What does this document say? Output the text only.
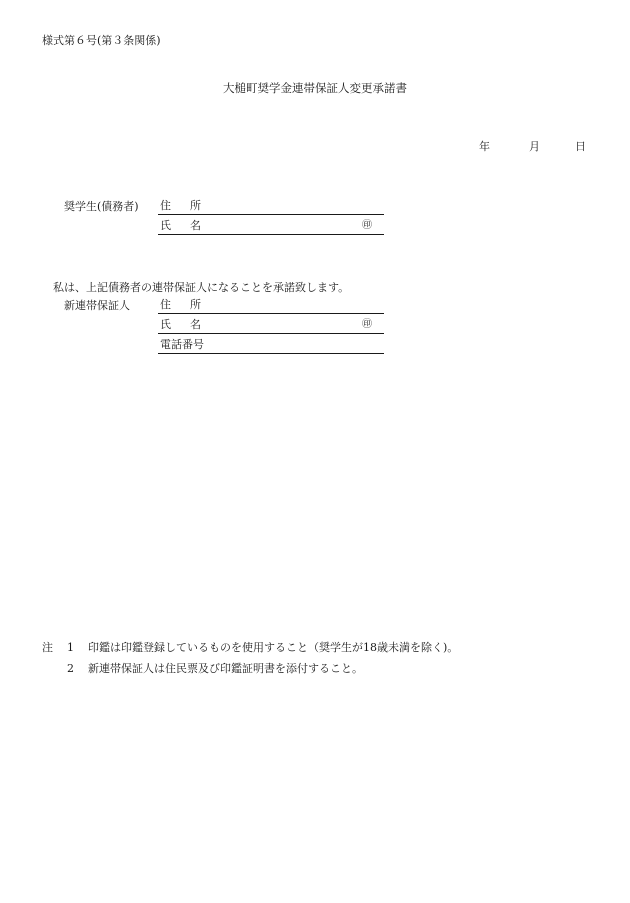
様式第６号(第３条関係)
大槌町奨学金連帯保証人変更承諾書
年	月	日
奨学生(債務者) 住所
氏名	㊞
私は、上記債務者の連帯保証人になることを承諾致します。
新連帯保証人	住所
氏名	㊞
電話番号
注 1 印鑑は印鑑登録しているものを使用すること（奨学生が18歳未満を除く)。
2 新連帯保証人は住民票及び印鑑証明書を添付すること。
